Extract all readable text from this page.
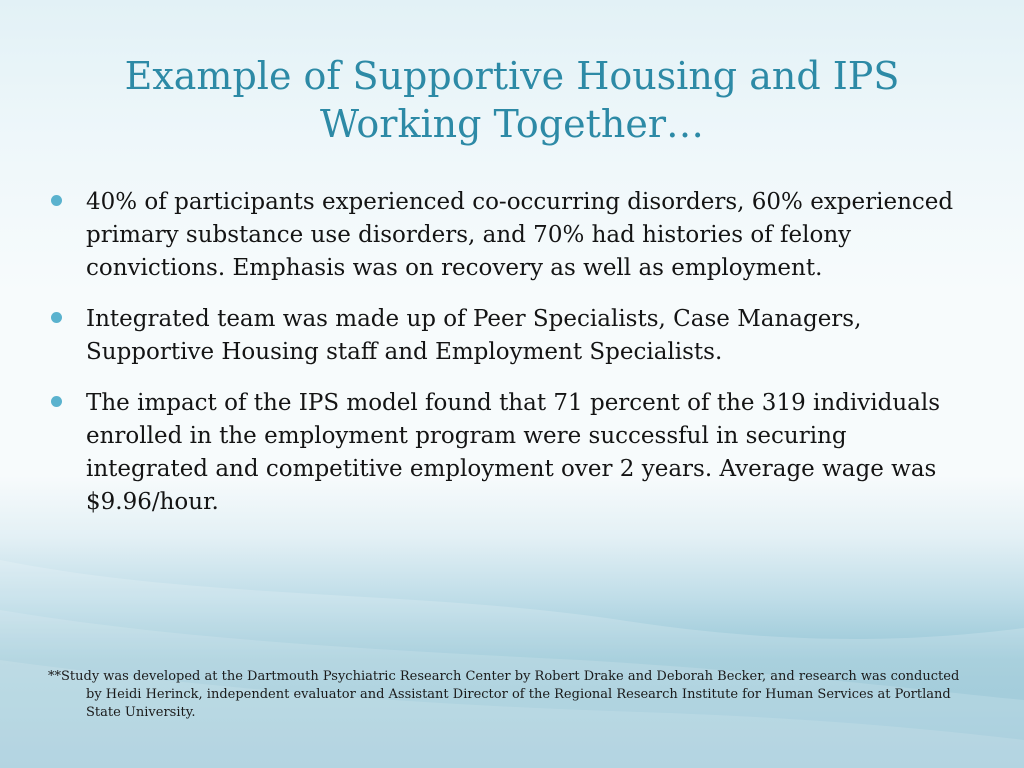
Example of Supportive Housing and IPS Working Together…
40% of participants experienced co-occurring disorders, 60% experienced primary substance use disorders, and 70% had histories of felony convictions. Emphasis was on recovery as well as employment.
Integrated team was made up of Peer Specialists, Case Managers, Supportive Housing staff and Employment Specialists.
The impact of the IPS model found that 71 percent of the 319 individuals enrolled in the employment program were successful in securing integrated and competitive employment over 2 years. Average wage was $9.96/hour.
**Study was developed at the Dartmouth Psychiatric Research Center by Robert Drake and Deborah Becker, and research was conducted by Heidi Herinck, independent evaluator and Assistant Director of the Regional Research Institute for Human Services at Portland State University.
